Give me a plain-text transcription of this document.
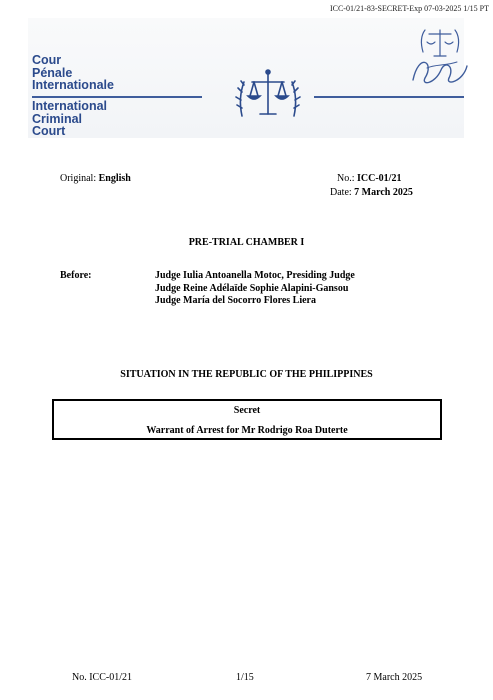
ICC-01/21-83-SECRET-Exp 07-03-2025 1/15 PT
Cour
Pénale
Internationale
International
Criminal
Court
Original: English	No.: ICC-01/21
Date: 7 March 2025
PRE-TRIAL CHAMBER I
Before:	Judge Iulia Antoanella Motoc, Presiding Judge
Judge Reine Adélaïde Sophie Alapini-Gansou
Judge María del Socorro Flores Liera
SITUATION IN THE REPUBLIC OF THE PHILIPPINES
Secret
Warrant of Arrest for Mr Rodrigo Roa Duterte
No. ICC-01/21	1/15	7 March 2025
